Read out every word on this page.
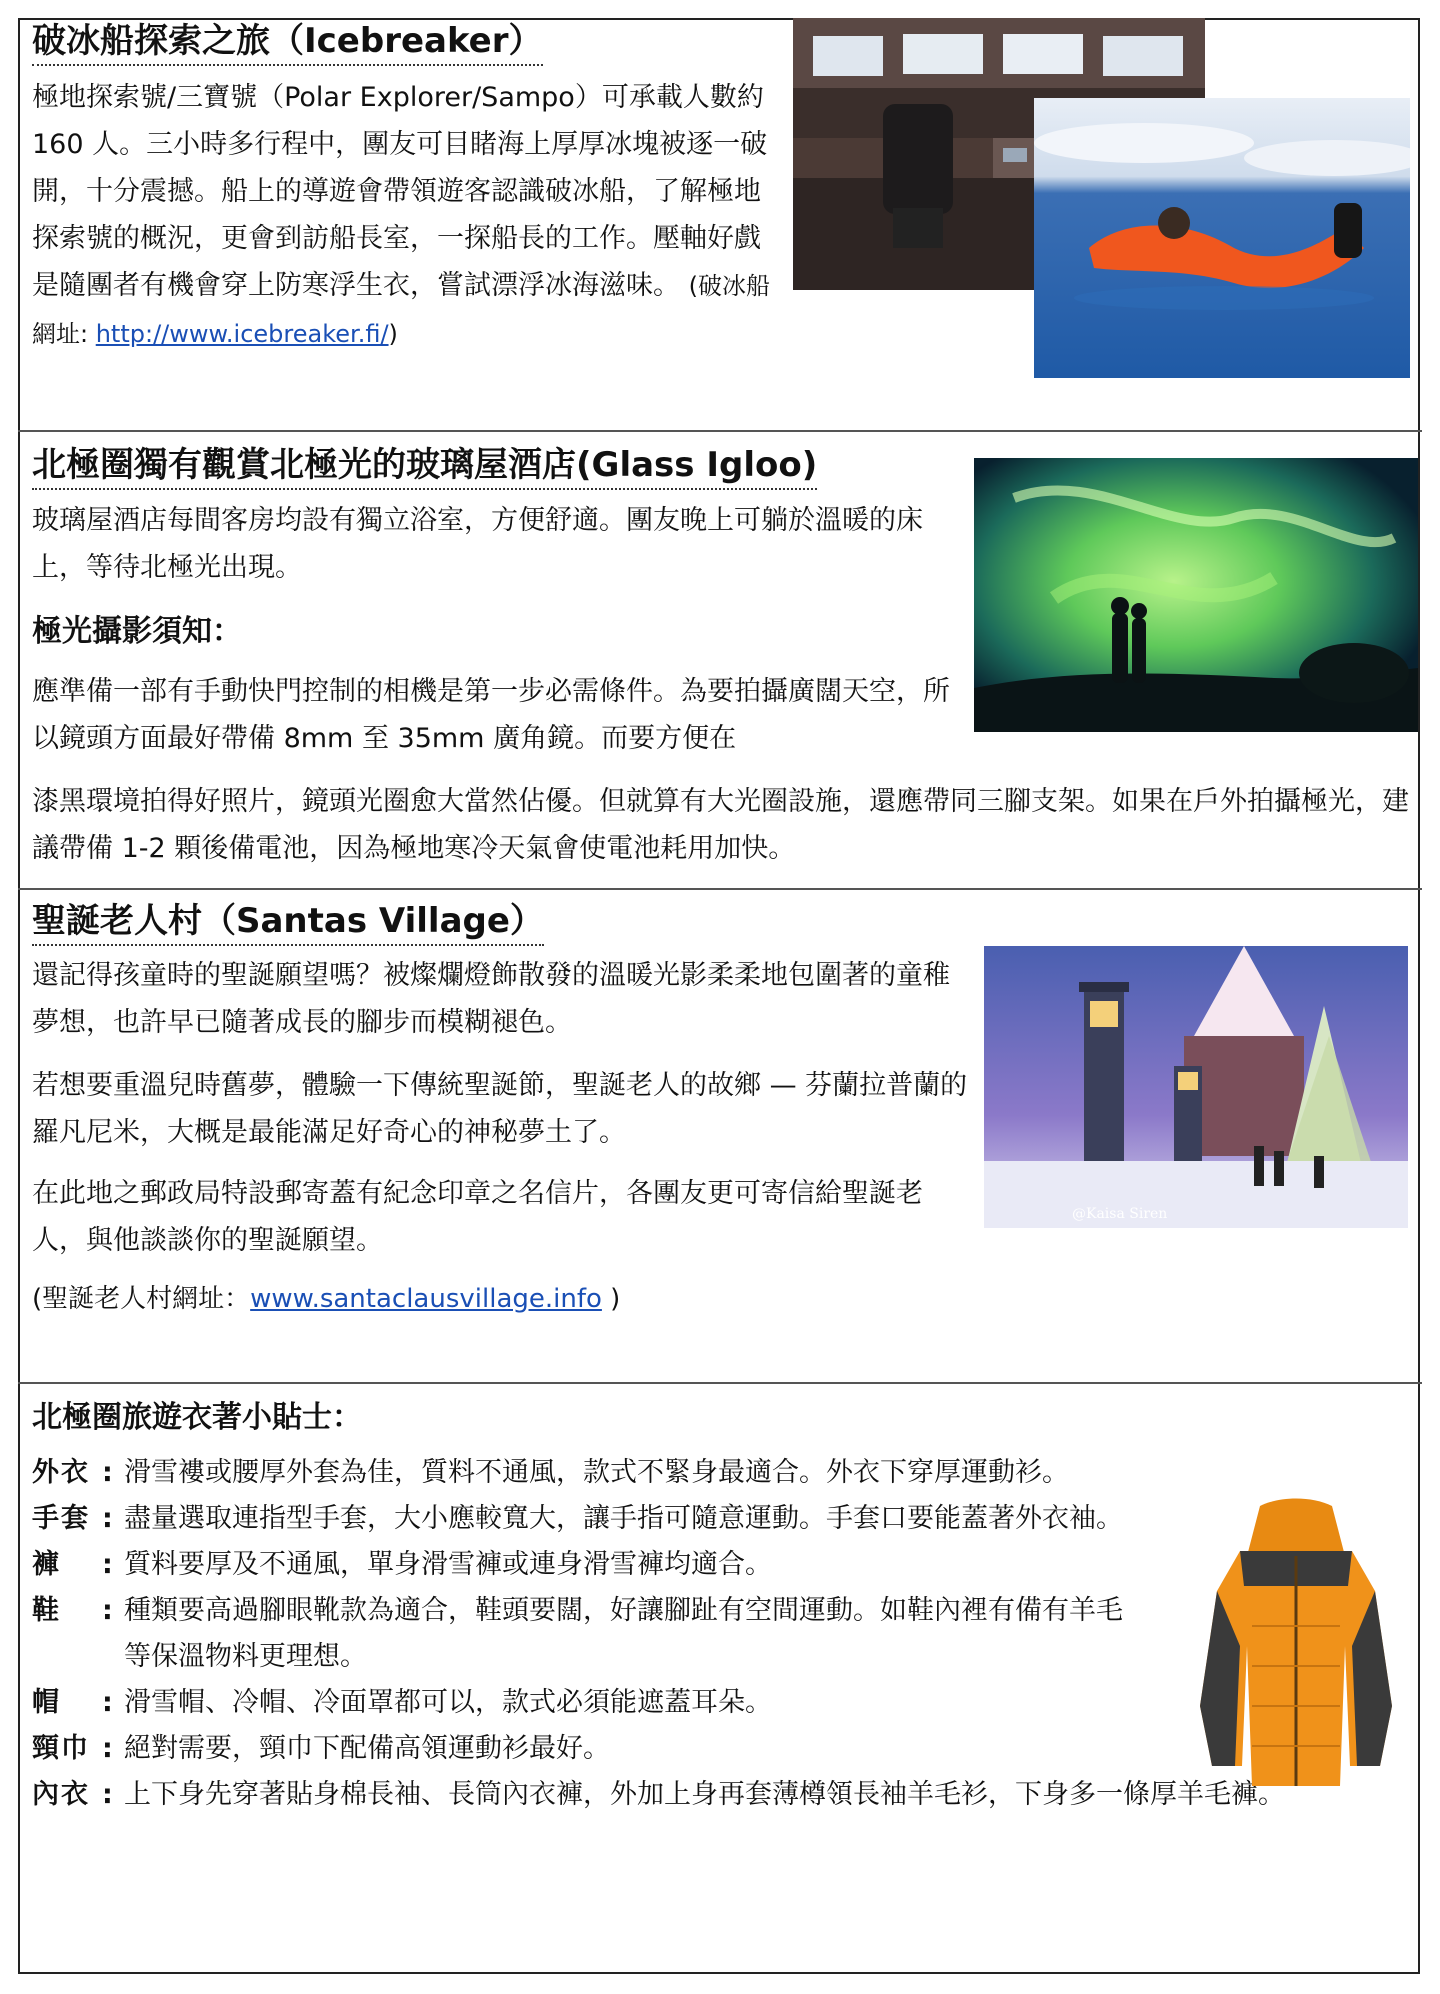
破冰船探索之旅（Icebreaker）

極地探索號/三寶號（Polar Explorer/Sampo）可承載人數約 160 人。三小時多行程中，團友可目睹海上厚厚冰塊被逐一破開，十分震撼。船上的導遊會帶領遊客認識破冰船，了解極地探索號的概況，更會到訪船長室，一探船長的工作。壓軸好戲是隨團者有機會穿上防寒浮生衣，嘗試漂浮冰海滋味。 (破冰船網址: http://www.icebreaker.fi/)

北極圈獨有觀賞北極光的玻璃屋酒店(Glass Igloo)

玻璃屋酒店每間客房均設有獨立浴室，方便舒適。團友晚上可躺於溫暖的床上，等待北極光出現。

極光攝影須知：

應準備一部有手動快門控制的相機是第一步必需條件。為要拍攝廣闊天空，所以鏡頭方面最好帶備 8mm 至 35mm 廣角鏡。而要方便在

漆黑環境拍得好照片，鏡頭光圈愈大當然佔優。但就算有大光圈設施，還應帶同三腳支架。如果在戶外拍攝極光，建議帶備 1-2 顆後備電池，因為極地寒冷天氣會使電池耗用加快。

聖誕老人村（Santas Village）

還記得孩童時的聖誕願望嗎？被燦爛燈飾散發的溫暖光影柔柔地包圍著的童稚夢想，也許早已隨著成長的腳步而模糊褪色。

若想要重溫兒時舊夢，體驗一下傳統聖誕節，聖誕老人的故鄉 — 芬蘭拉普蘭的羅凡尼米，大概是最能滿足好奇心的神秘夢土了。

在此地之郵政局特設郵寄蓋有紀念印章之名信片，各團友更可寄信給聖誕老人，與他談談你的聖誕願望。

(聖誕老人村網址：www.santaclausvillage.info )

@Kaisa Siren
北極圈旅遊衣著小貼士：
外衣 : 滑雪褸或腰厚外套為佳，質料不通風，款式不緊身最適合。外衣下穿厚運動衫。
手套 : 盡量選取連指型手套，大小應較寬大，讓手指可隨意運動。手套口要能蓋著外衣袖。
褲	: 質料要厚及不通風，單身滑雪褲或連身滑雪褲均適合。
鞋	: 種類要高過腳眼靴款為適合，鞋頭要闊，好讓腳趾有空間運動。如鞋內裡有備有羊毛等保溫物料更理想。
帽	: 滑雪帽、冷帽、冷面罩都可以，款式必須能遮蓋耳朵。
頸巾 : 絕對需要，頸巾下配備高領運動衫最好。
內衣 : 上下身先穿著貼身棉長袖、長筒內衣褲，外加上身再套薄樽領長袖羊毛衫，下身多一條厚羊毛褲。
